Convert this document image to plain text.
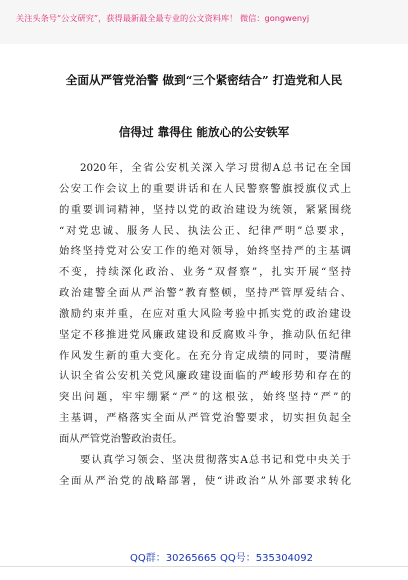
关注头条号“公文研究”，获得最新最全最专业的公文资料库！ 微信：gongwenyj
全面从严管党治警 做到“三个紧密结合” 打造党和人民
信得过 靠得住 能放心的公安铁军
2020年，全省公安机关深入学习贯彻A总书记在全国
公安工作会议上的重要讲话和在人民警察警旗授旗仪式上
的重要训词精神，坚持以党的政治建设为统领，紧紧围绕
“对党忠诚、服务人民、执法公正、纪律严明”总要求，
始终坚持党对公安工作的绝对领导，始终坚持严的主基调
不变，持续深化政治、业务“双督察”，扎实开展“坚持
政治建警全面从严治警”教育整顿，坚持严管厚爱结合、
激励约束并重，在应对重大风险考验中抓实党的政治建设
坚定不移推进党风廉政建设和反腐败斗争，推动队伍纪律
作风发生新的重大变化。在充分肯定成绩的同时，要清醒
认识全省公安机关党风廉政建设面临的严峻形势和存在的
突出问题，牢牢绷紧“严”的这根弦，始终坚持“严”的
主基调，严格落实全面从严管党治警要求，切实担负起全
面从严管党治警政治责任。
要认真学习领会、坚决贯彻落实A总书记和党中央关于
全面从严治党的战略部署，使“讲政治”从外部要求转化
QQ群：30265665 QQ号：535304092
